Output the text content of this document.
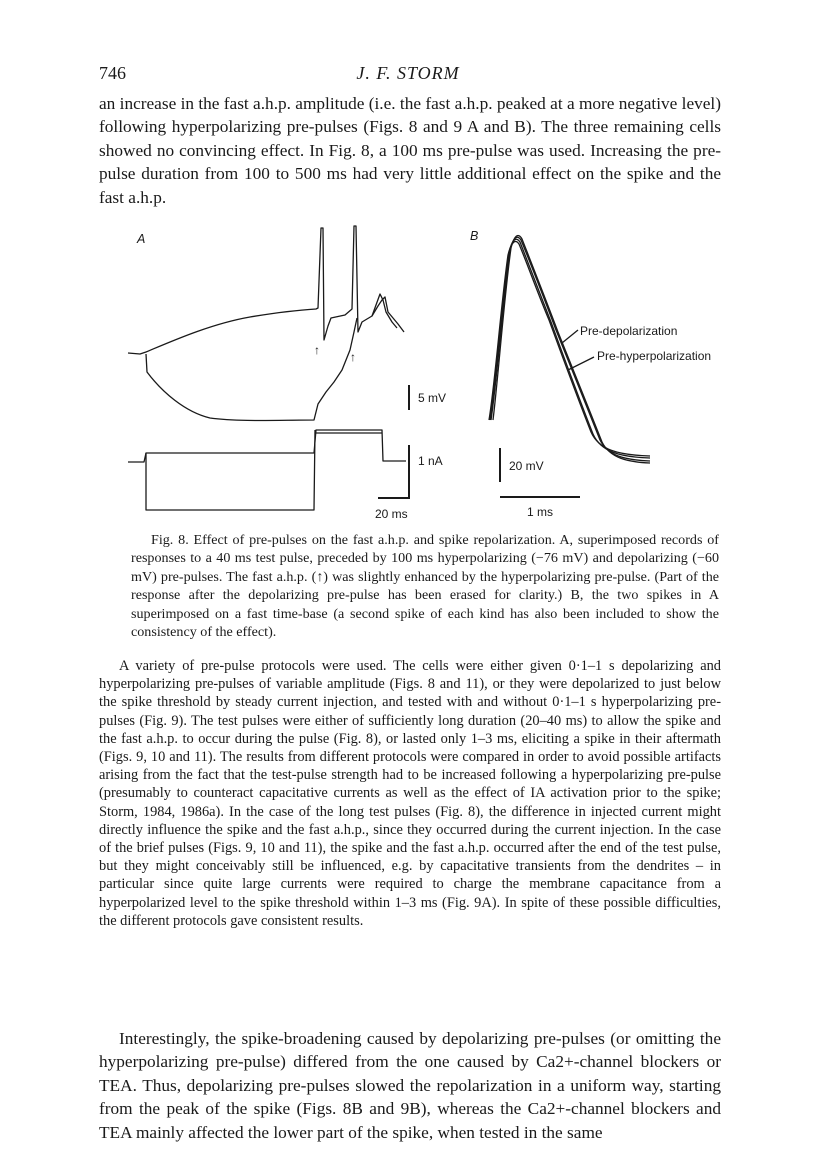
746	J. F. STORM

an increase in the fast a.h.p. amplitude (i.e. the fast a.h.p. peaked at a more negative level) following hyperpolarizing pre-pulses (Figs. 8 and 9 A and B). The three remaining cells showed no convincing effect. In Fig. 8, a 100 ms pre-pulse was used. Increasing the pre-pulse duration from 100 to 500 ms had very little additional effect on the spike and the fast a.h.p.

A
↑	↑
5 mV
1 nA
20 ms
B
Pre-depolarization
Pre-hyperpolarization
20 mV
1 ms

Fig. 8. Effect of pre-pulses on the fast a.h.p. and spike repolarization. A, superimposed records of responses to a 40 ms test pulse, preceded by 100 ms hyperpolarizing (−76 mV) and depolarizing (−60 mV) pre-pulses. The fast a.h.p. (↑) was slightly enhanced by the hyperpolarizing pre-pulse. (Part of the response after the depolarizing pre-pulse has been erased for clarity.) B, the two spikes in A superimposed on a fast time-base (a second spike of each kind has also been included to show the consistency of the effect).

A variety of pre-pulse protocols were used. The cells were either given 0·1–1 s depolarizing and hyperpolarizing pre-pulses of variable amplitude (Figs. 8 and 11), or they were depolarized to just below the spike threshold by steady current injection, and tested with and without 0·1–1 s hyperpolarizing pre-pulses (Fig. 9). The test pulses were either of sufficiently long duration (20–40 ms) to allow the spike and the fast a.h.p. to occur during the pulse (Fig. 8), or lasted only 1–3 ms, eliciting a spike in their aftermath (Figs. 9, 10 and 11). The results from different protocols were compared in order to avoid possible artifacts arising from the fact that the test-pulse strength had to be increased following a hyperpolarizing pre-pulse (presumably to counteract capacitative currents as well as the effect of IA activation prior to the spike; Storm, 1984, 1986a). In the case of the long test pulses (Fig. 8), the difference in injected current might directly influence the spike and the fast a.h.p., since they occurred during the current injection. In the case of the brief pulses (Figs. 9, 10 and 11), the spike and the fast a.h.p. occurred after the end of the test pulse, but they might conceivably still be influenced, e.g. by capacitative transients from the dendrites – in particular since quite large currents were required to charge the membrane capacitance from a hyperpolarized level to the spike threshold within 1–3 ms (Fig. 9A). In spite of these possible difficulties, the different protocols gave consistent results.

Interestingly, the spike-broadening caused by depolarizing pre-pulses (or omitting the hyperpolarizing pre-pulse) differed from the one caused by Ca2+-channel blockers or TEA. Thus, depolarizing pre-pulses slowed the repolarization in a uniform way, starting from the peak of the spike (Figs. 8B and 9B), whereas the Ca2+-channel blockers and TEA mainly affected the lower part of the spike, when tested in the same
